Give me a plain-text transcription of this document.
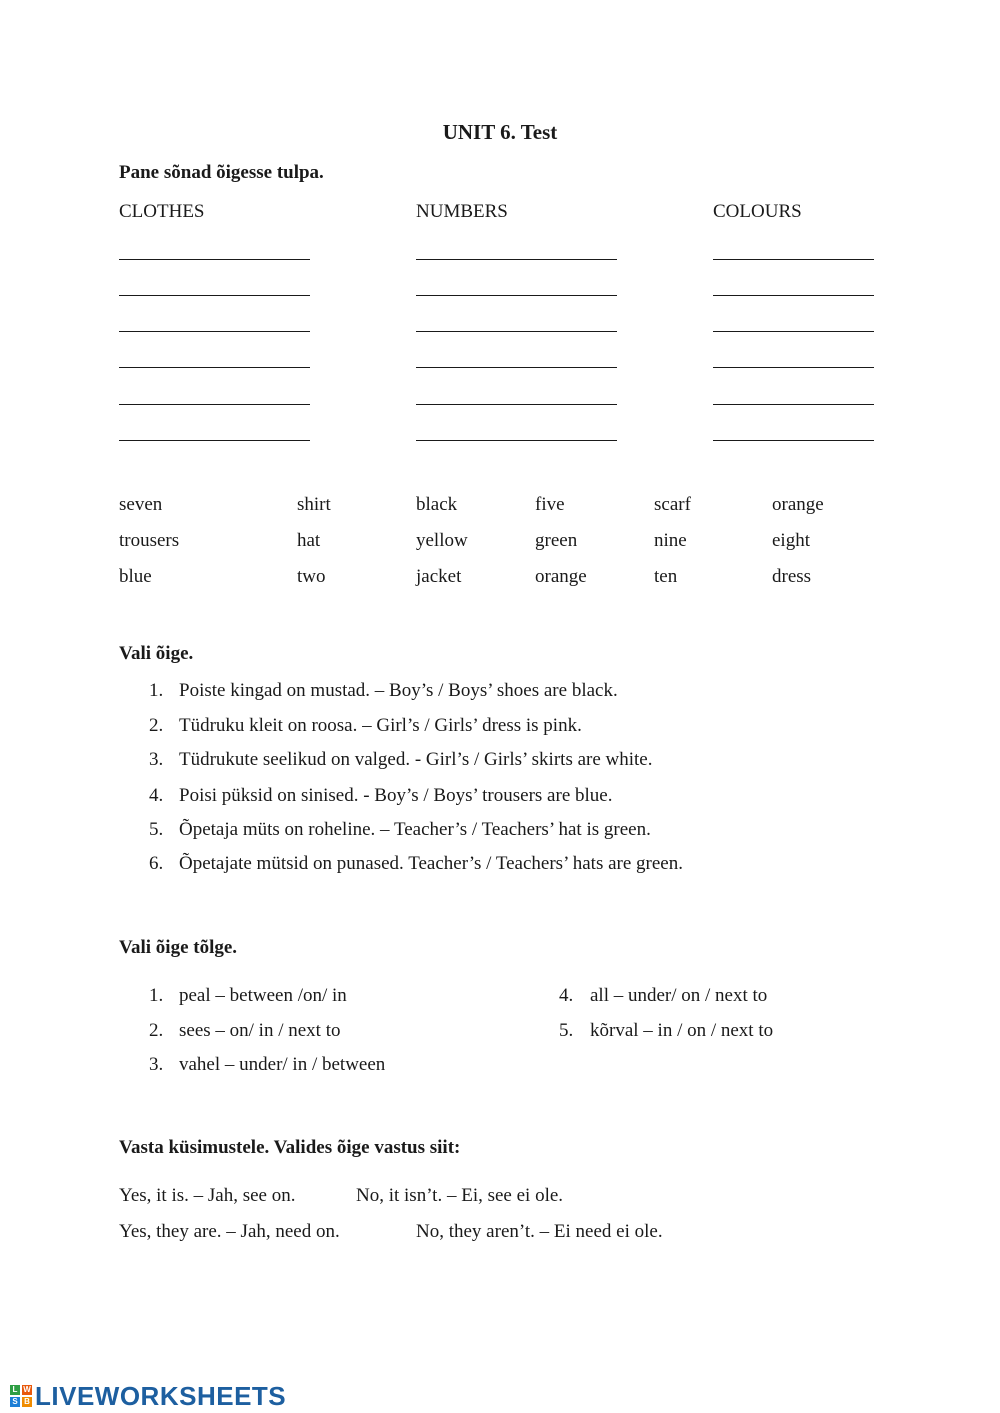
UNIT 6. Test
Pane sõnad õigesse tulpa.
CLOTHES	NUMBERS	COLOURS
seven	shirt	black	five	scarf	orange
trousers	hat	yellow	green	nine	eight
blue	two	jacket	orange	ten	dress
Vali õige.
1. Poiste kingad on mustad. – Boy’s / Boys’ shoes are black.
2. Tüdruku kleit on roosa. – Girl’s / Girls’ dress is pink.
3. Tüdrukute seelikud on valged. - Girl’s / Girls’ skirts are white.
4. Poisi püksid on sinised. - Boy’s / Boys’ trousers are blue.
5. Õpetaja müts on roheline. – Teacher’s / Teachers’ hat is green.
6. Õpetajate mütsid on punased. Teacher’s / Teachers’ hats are green.
Vali õige tõlge.
1. peal – between /on/ in
2. sees – on/ in / next to
3. vahel – under/ in / between
4. all – under/ on / next to
5. kõrval – in / on / next to
Vasta küsimustele. Valides õige vastus siit:
Yes, it is. – Jah, see on.	No, it isn’t. – Ei, see ei ole.
Yes, they are. – Jah, need on.	No, they aren’t. – Ei need ei ole.
L W
S B LIVEWORKSHEETS
